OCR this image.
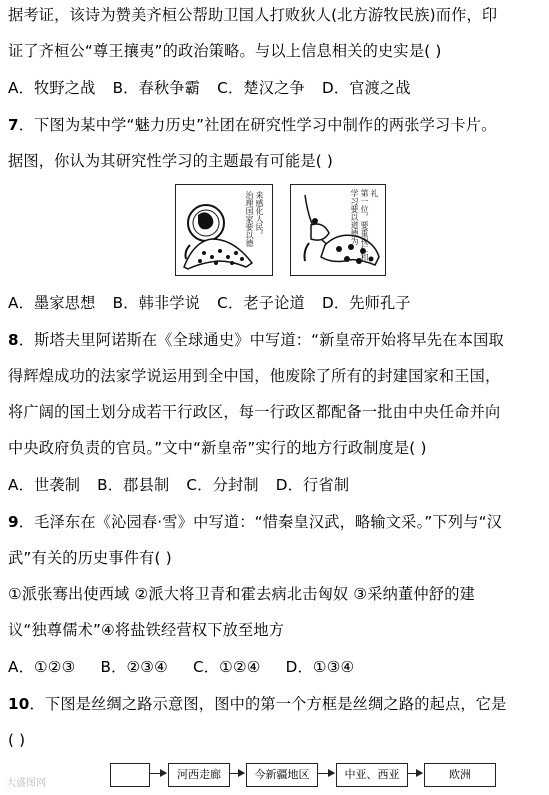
据考证，该诗为赞美齐桓公帮助卫国人打败狄人(北方游牧民族)而作，印
证了齐桓公“尊王攘夷”的政治策略。与以上信息相关的史实是( )
A．牧野之战 B．春秋争霸 C．楚汉之争 D．官渡之战
7．下图为某中学“魅力历史”社团在研究性学习中制作的两张学习卡片。
据图，你认为其研究性学习的主题最有可能是( )
治理国家要以德 来感化人民。	学习要以道德为 第一位，要重视仁和 礼
A．墨家思想 B．韩非学说 C．老子论道 D．先师孔子
8．斯塔夫里阿诺斯在《全球通史》中写道：“新皇帝开始将早先在本国取
得辉煌成功的法家学说运用到全中国，他废除了所有的封建国家和王国，
将广阔的国土划分成若干行政区，每一行政区都配备一批由中央任命并向
中央政府负责的官员。”文中“新皇帝”实行的地方行政制度是( )
A．世袭制 B．郡县制 C．分封制 D．行省制
9．毛泽东在《沁园春·雪》中写道：“惜秦皇汉武，略输文采。”下列与“汉
武”有关的历史事件有( )
①派张骞出使西域 ②派大将卫青和霍去病北击匈奴 ③采纳董仲舒的建
议“独尊儒术”④将盐铁经营权下放至地方
A．①②③ B．②③④ C．①②④ D．①③④
10．下图是丝绸之路示意图，图中的第一个方框是丝绸之路的起点，它是
( )
河西走廊	今新疆地区	中亚、西亚	欧洲
大盛图网
